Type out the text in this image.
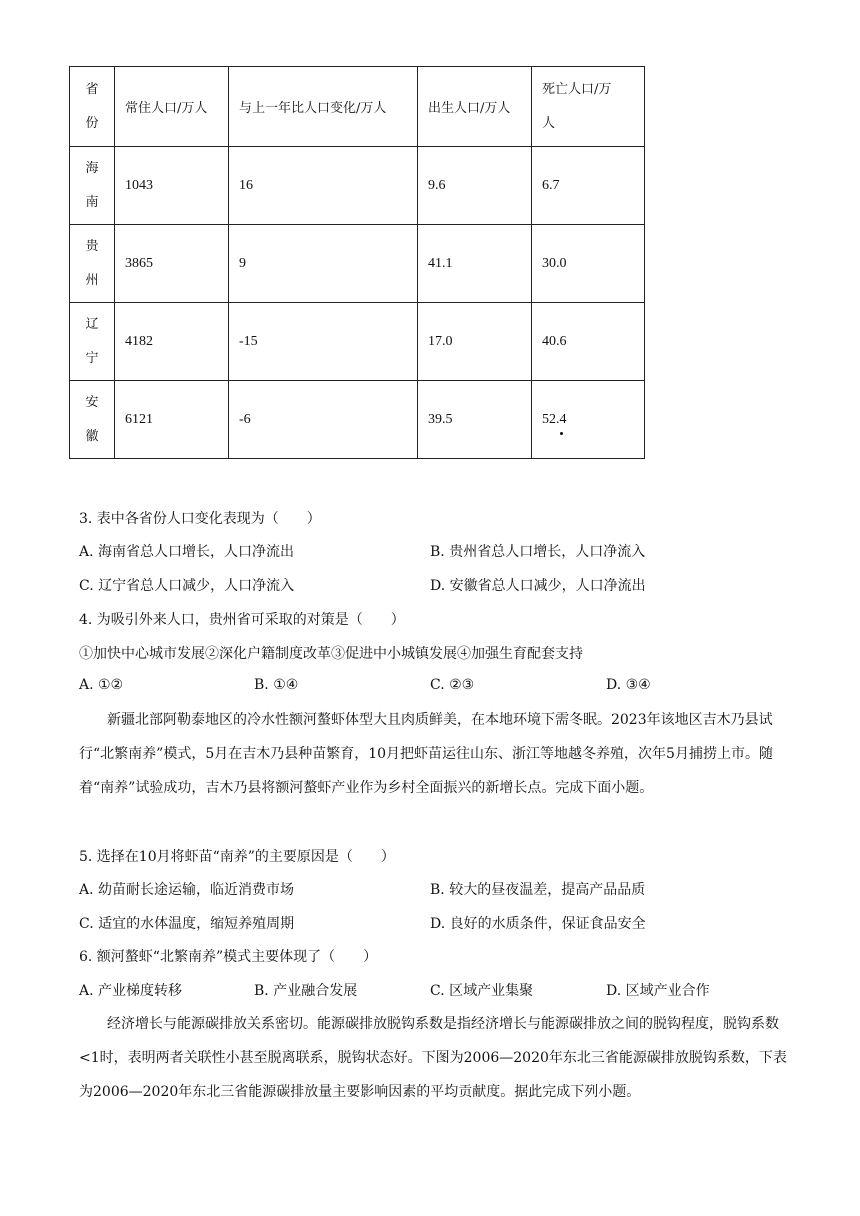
省
份	常住人口/万人	与上一年比人口变化/万人	出生人口/万人	死亡人口/万
人

海
南	1043	16	9.6	6.7

贵
州	3865	9	41.1	30.0

辽
宁	4182	-15	17.0	40.6

安
徽	6121	-6	39.5	52.4
3. 表中各省份人口变化表现为（　　）
A. 海南省总人口增长，人口净流出	B. 贵州省总人口增长，人口净流入
C. 辽宁省总人口减少，人口净流入	D. 安徽省总人口减少，人口净流出
4. 为吸引外来人口，贵州省可采取的对策是（　　）
①加快中心城市发展②深化户籍制度改革③促进中小城镇发展④加强生育配套支持
A. ①②	B. ①④	C. ②③	D. ③④

新疆北部阿勒泰地区的冷水性额河螯虾体型大且肉质鲜美，在本地环境下需冬眠。2023年该地区吉木乃县试行“北繁南养”模式，5月在吉木乃县种苗繁育，10月把虾苗运往山东、浙江等地越冬养殖，次年5月捕捞上市。随着“南养”试验成功，吉木乃县将额河螯虾产业作为乡村全面振兴的新增长点。完成下面小题。

5. 选择在10月将虾苗“南养”的主要原因是（　　）
A. 幼苗耐长途运输，临近消费市场	B. 较大的昼夜温差，提高产品品质
C. 适宜的水体温度，缩短养殖周期	D. 良好的水质条件，保证食品安全
6. 额河螯虾“北繁南养”模式主要体现了（　　）
A. 产业梯度转移	B. 产业融合发展	C. 区域产业集聚	D. 区域产业合作

经济增长与能源碳排放关系密切。能源碳排放脱钩系数是指经济增长与能源碳排放之间的脱钩程度，脱钩系数<1时，表明两者关联性小甚至脱离联系，脱钩状态好。下图为2006—2020年东北三省能源碳排放脱钩系数，下表为2006—2020年东北三省能源碳排放量主要影响因素的平均贡献度。据此完成下列小题。
